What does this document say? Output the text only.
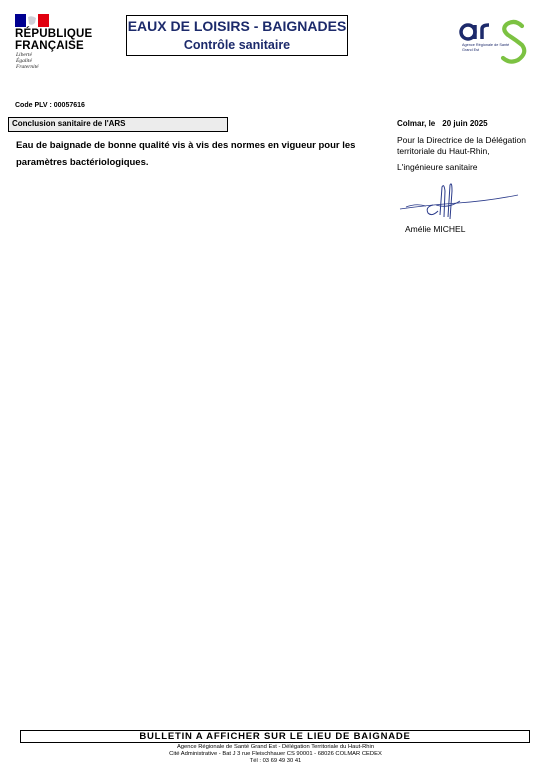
RÉPUBLIQUE
FRANÇAISE
Liberté
Égalité
Fraternité
EAUX DE LOISIRS - BAIGNADES
Contrôle sanitaire	Agence Régionale de Santé
Grand Est
Code PLV : 00057616
Conclusion sanitaire de l'ARS
Eau de baignade de bonne qualité vis à vis des normes en vigueur pour les paramètres bactériologiques.
Colmar, le 20 juin 2025
Pour la Directrice de la Délégation territoriale du Haut-Rhin,
L'ingénieure sanitaire
Amélie MICHEL
BULLETIN A AFFICHER SUR LE LIEU DE BAIGNADE
Agence Régionale de Santé Grand Est - Délégation Territoriale du Haut-Rhin
Cité Administrative - Bat J 3 rue Fleischhauer CS 90001 - 68026 COLMAR CEDEX
Tél : 03 69 49 30 41
